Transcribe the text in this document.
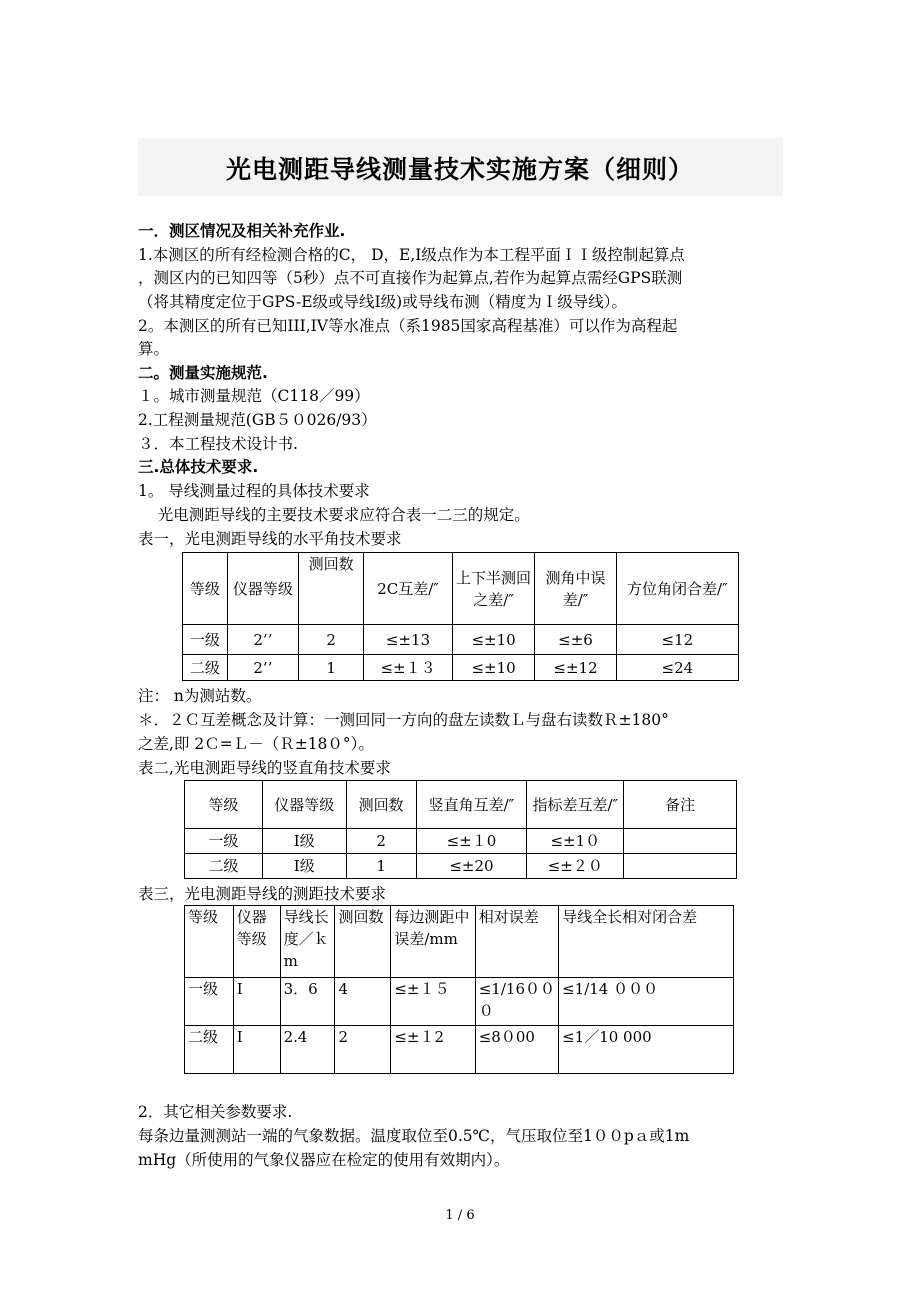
光电测距导线测量技术实施方案（细则）
一．测区情况及相关补充作业.
1.本测区的所有经检测合格的C， D，E,I级点作为本工程平面ＩＩ级控制起算点
，测区内的已知四等（5秒）点不可直接作为起算点,若作为起算点需经GPS联测
（将其精度定位于GPS-E级或导线I级)或导线布测（精度为Ｉ级导线）。
2。本测区的所有已知III,IV等水准点（系1985国家高程基准）可以作为高程起
算。
二。测量实施规范.
１。城市测量规范（C118／99）
2.工程测量规范(GB５０026/93）
３．本工程技术设计书.
三.总体技术要求.
1。 导线测量过程的具体技术要求
光电测距导线的主要技术要求应符合表一二三的规定。
表一，光电测距导线的水平角技术要求
等级	仪器等级	测回数	2C互差/″	上下半测回之差/″	测角中误差/″	方位角闭合差/″
一级	2’’	2	≤±13	≤±10	≤±6	≤12
二级	2’’	1	≤±１３	≤±10	≤±12	≤24
注： n为测站数。
＊．２Ｃ互差概念及计算：一测回同一方向的盘左读数Ｌ与盘右读数Ｒ±180°
之差,即 2Ｃ=Ｌ－（Ｒ±18０°）。
表二,光电测距导线的竖直角技术要求
等级	仪器等级	测回数	竖直角互差/″	指标差互差/″	备注
一级	I级	2	≤±１0	≤±1０	
二级	I级	1	≤±20	≤±２０	
表三，光电测距导线的测距技术要求
等级	仪器等级	导线长度／ｋm	测回数	每边测距中误差/mm	相对误差	导线全长相对闭合差
一级	I	3．6	4	≤±１５	≤1/16０００	≤1/14 ０００
二级	I	2.4	2	≤±１2	≤8０00	≤1／10 000
2．其它相关参数要求.
每条边量测测站一端的气象数据。温度取位至0.5℃，气压取位至1００pａ或1m
mHg（所使用的气象仪器应在检定的使用有效期内）。
1 / 6
